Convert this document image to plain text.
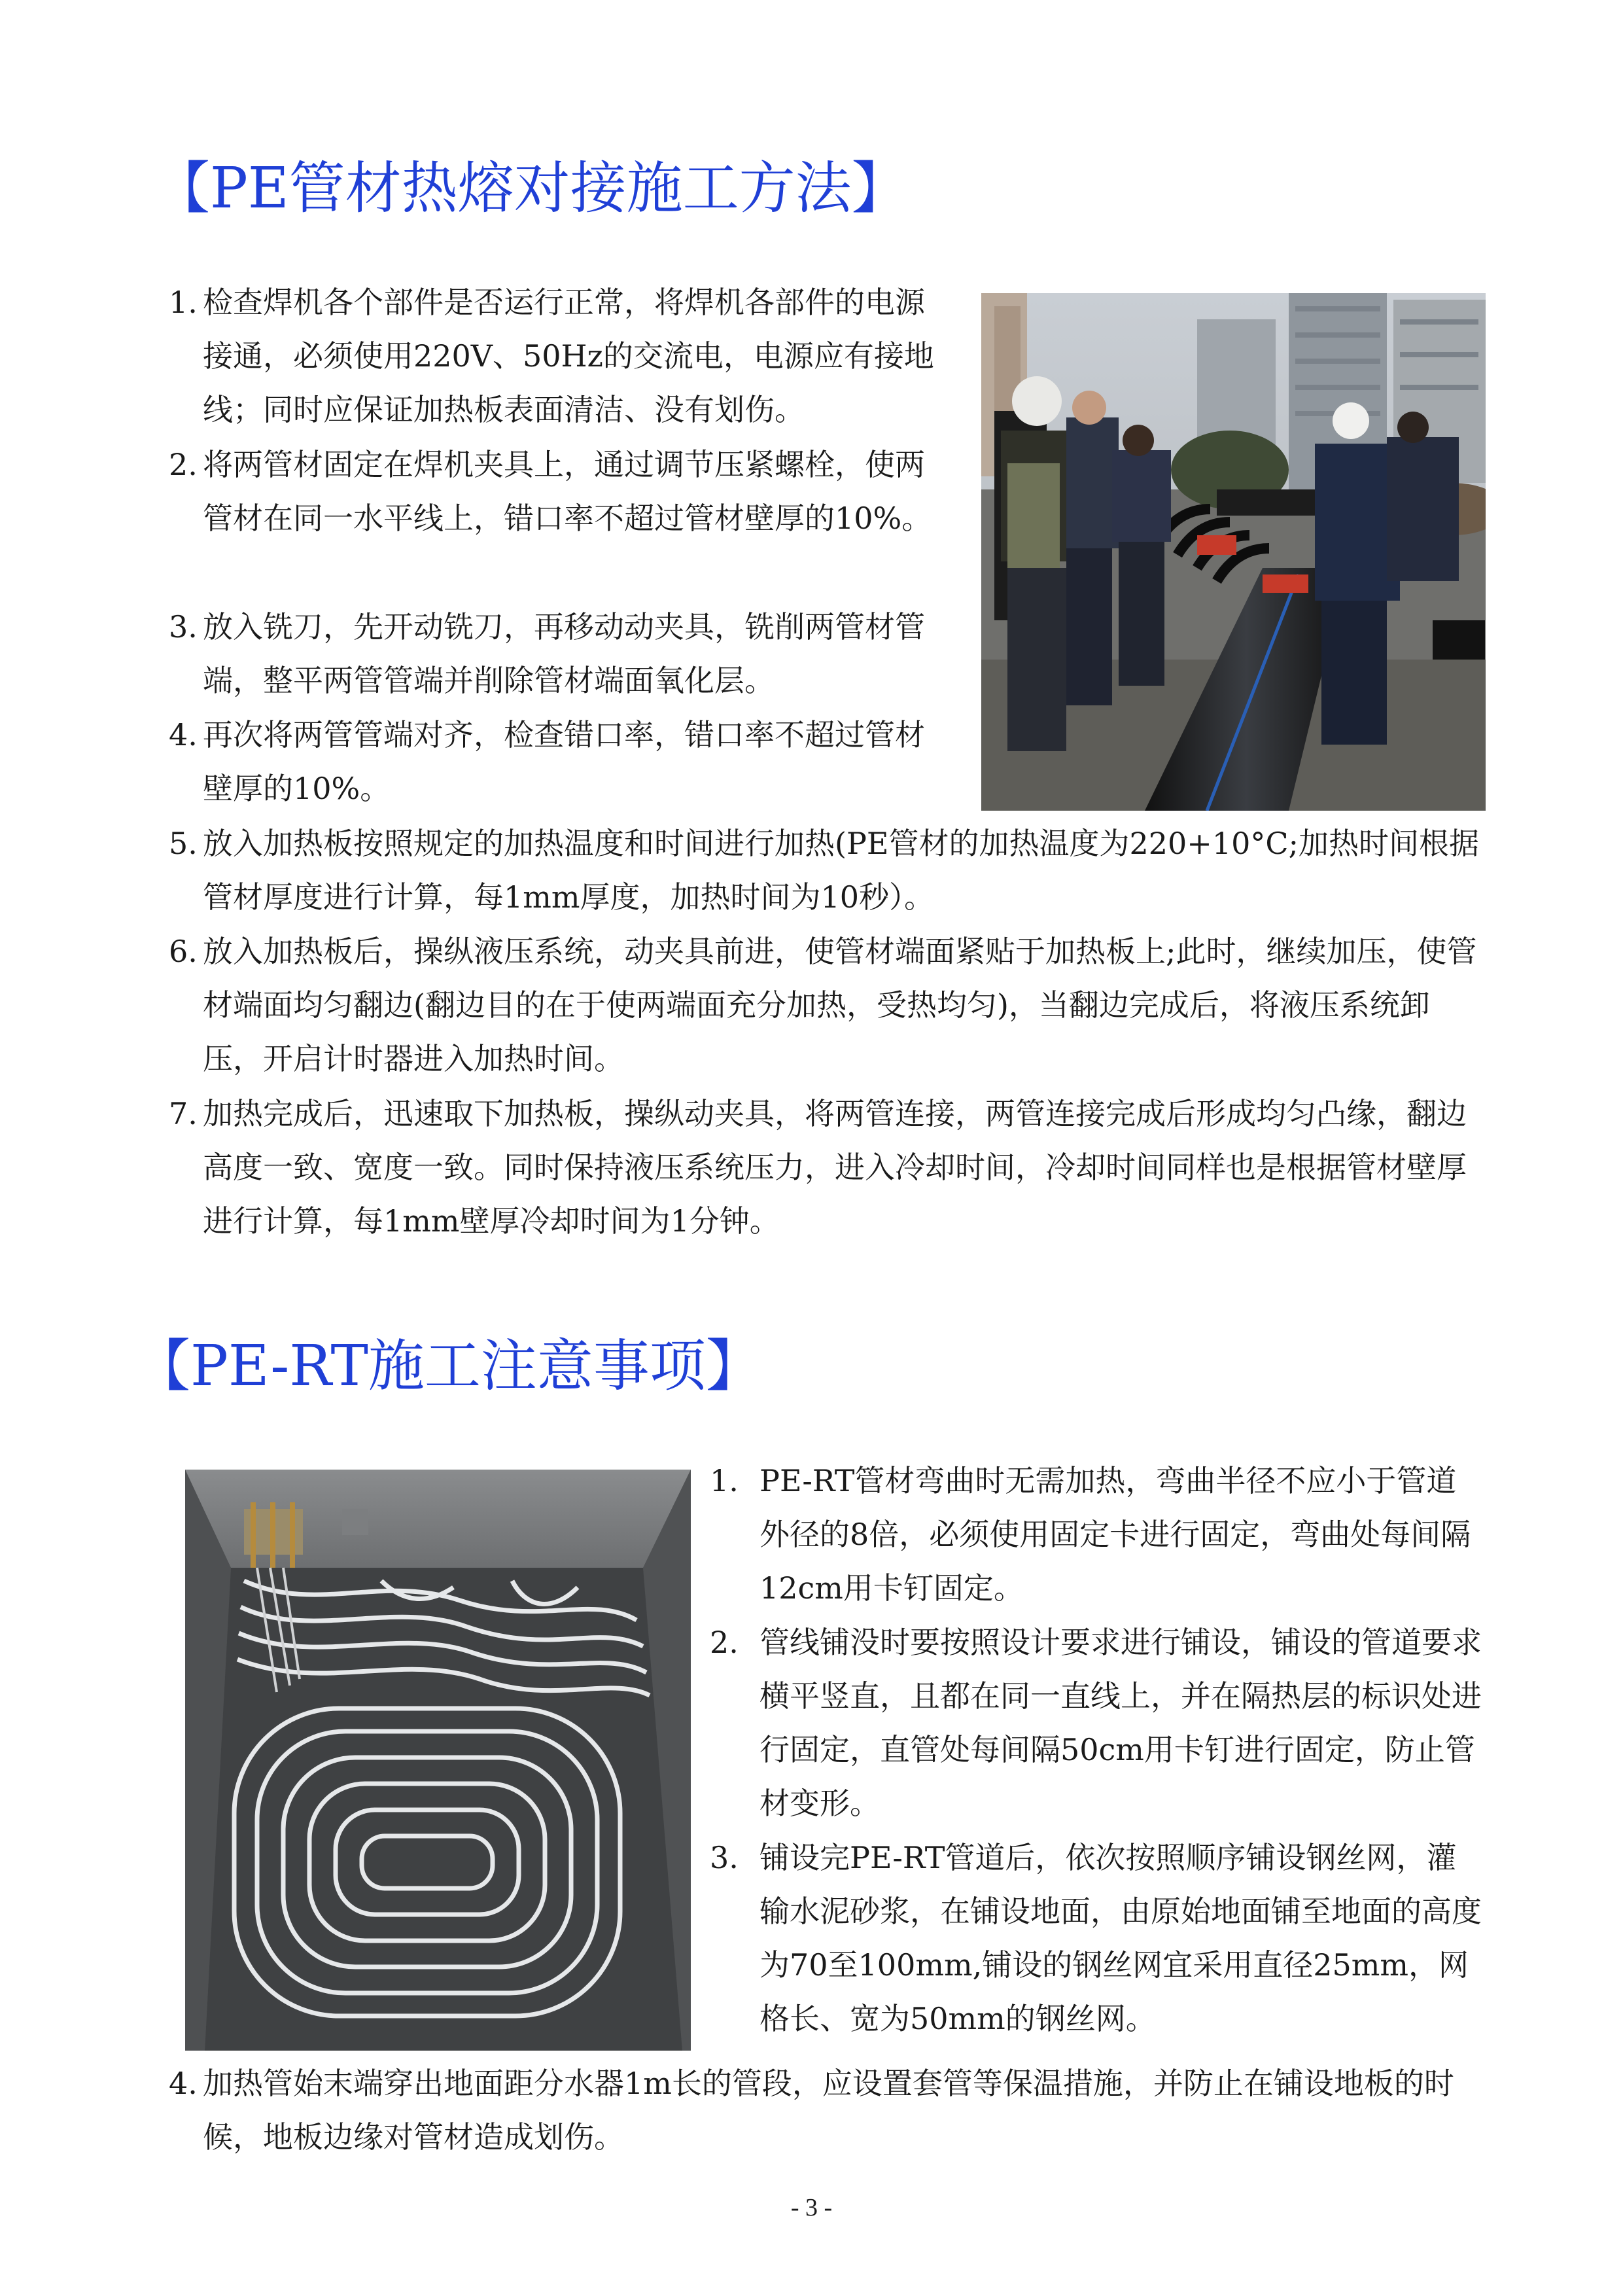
【PE管材热熔对接施工方法】
1. 检查焊机各个部件是否运行正常，将焊机各部件的电源接通，必须使用220V、50Hz的交流电，电源应有接地线；同时应保证加热板表面清洁、没有划伤。
2. 将两管材固定在焊机夹具上，通过调节压紧螺栓，使两管材在同一水平线上，错口率不超过管材壁厚的10%。
3. 放入铣刀，先开动铣刀，再移动动夹具，铣削两管材管端，整平两管管端并削除管材端面氧化层。
4. 再次将两管管端对齐，检查错口率，错口率不超过管材壁厚的10%。
5. 放入加热板按照规定的加热温度和时间进行加热(PE管材的加热温度为220+10°C;加热时间根据管材厚度进行计算，每1mm厚度，加热时间为10秒）。
6. 放入加热板后，操纵液压系统，动夹具前进，使管材端面紧贴于加热板上;此时，继续加压，使管材端面均匀翻边(翻边目的在于使两端面充分加热，受热均匀)，当翻边完成后，将液压系统卸压，开启计时器进入加热时间。
7. 加热完成后，迅速取下加热板，操纵动夹具，将两管连接，两管连接完成后形成均匀凸缘，翻边高度一致、宽度一致。同时保持液压系统压力，进入冷却时间，冷却时间同样也是根据管材壁厚进行计算，每1mm壁厚冷却时间为1分钟。
【PE-RT施工注意事项】
1. PE-RT管材弯曲时无需加热，弯曲半径不应小于管道外径的8倍，必须使用固定卡进行固定，弯曲处每间隔12cm用卡钉固定。
2. 管线铺没时要按照设计要求进行铺设，铺设的管道要求横平竖直，且都在同一直线上，并在隔热层的标识处进行固定，直管处每间隔50cm用卡钉进行固定，防止管材变形。
3. 铺设完PE-RT管道后，依次按照顺序铺设钢丝网，灌 输水泥砂浆，在铺设地面，由原始地面铺至地面的高度为70至100mm,铺设的钢丝网宜采用直径25mm，网格长、宽为50mm的钢丝网。
4. 加热管始末端穿出地面距分水器1m长的管段，应设置套管等保温措施，并防止在铺设地板的时候，地板边缘对管材造成划伤。
- 3 -
